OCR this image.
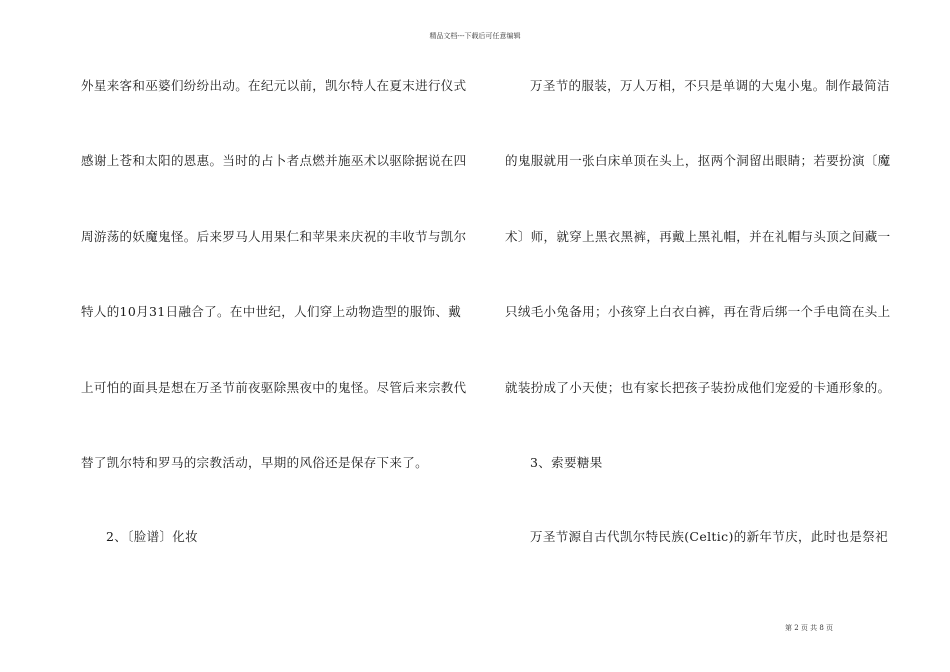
精品文档---下载后可任意编辑
外星来客和巫婆们纷纷出动。在纪元以前，凯尔特人在夏末进行仪式
感谢上苍和太阳的恩惠。当时的占卜者点燃并施巫术以驱除据说在四
周游荡的妖魔鬼怪。后来罗马人用果仁和苹果来庆祝的丰收节与凯尔
特人的10月31日融合了。在中世纪，人们穿上动物造型的服饰、戴
上可怕的面具是想在万圣节前夜驱除黑夜中的鬼怪。尽管后来宗教代
替了凯尔特和罗马的宗教活动，早期的风俗还是保存下来了。
2、〔脸谱〕化妆
万圣节的服装，万人万相，不只是单调的大鬼小鬼。制作最简洁
的鬼服就用一张白床单顶在头上，抠两个洞留出眼睛；若要扮演〔魔
术〕师，就穿上黑衣黑裤，再戴上黑礼帽，并在礼帽与头顶之间藏一
只绒毛小兔备用；小孩穿上白衣白裤，再在背后绑一个手电筒在头上
就装扮成了小天使；也有家长把孩子装扮成他们宠爱的卡通形象的。
3、索要糖果
万圣节源自古代凯尔特民族(Celtic)的新年节庆，此时也是祭祀
第 2 页 共 8 页
